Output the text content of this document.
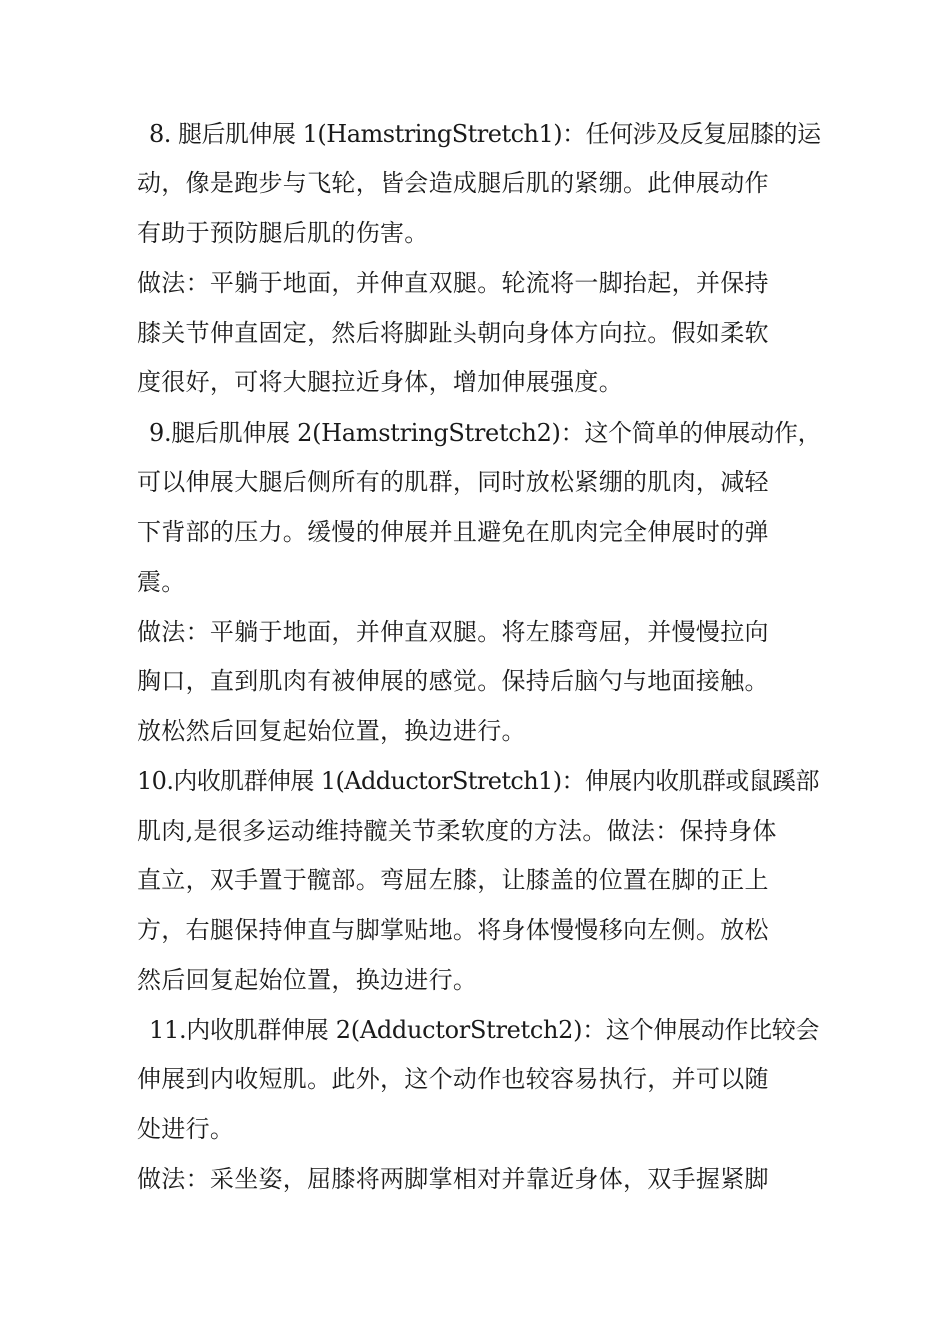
8. 腿后肌伸展 1(HamstringStretch1)：任何涉及反复屈膝的运
动，像是跑步与飞轮，皆会造成腿后肌的紧绷。此伸展动作
有助于预防腿后肌的伤害。
做法：平躺于地面，并伸直双腿。轮流将一脚抬起，并保持
膝关节伸直固定，然后将脚趾头朝向身体方向拉。假如柔软
度很好，可将大腿拉近身体，增加伸展强度。
9.腿后肌伸展 2(HamstringStretch2)：这个简单的伸展动作，
可以伸展大腿后侧所有的肌群，同时放松紧绷的肌肉，减轻
下背部的压力。缓慢的伸展并且避免在肌肉完全伸展时的弹
震。
做法：平躺于地面，并伸直双腿。将左膝弯屈，并慢慢拉向
胸口，直到肌肉有被伸展的感觉。保持后脑勺与地面接触。
放松然后回复起始位置，换边进行。
10.内收肌群伸展 1(AdductorStretch1)：伸展内收肌群或鼠蹊部
肌肉,是很多运动维持髋关节柔软度的方法。做法：保持身体
直立，双手置于髋部。弯屈左膝，让膝盖的位置在脚的正上
方，右腿保持伸直与脚掌贴地。将身体慢慢移向左侧。放松
然后回复起始位置，换边进行。
11.内收肌群伸展 2(AdductorStretch2)：这个伸展动作比较会
伸展到内收短肌。此外，这个动作也较容易执行，并可以随
处进行。
做法：采坐姿，屈膝将两脚掌相对并靠近身体，双手握紧脚
